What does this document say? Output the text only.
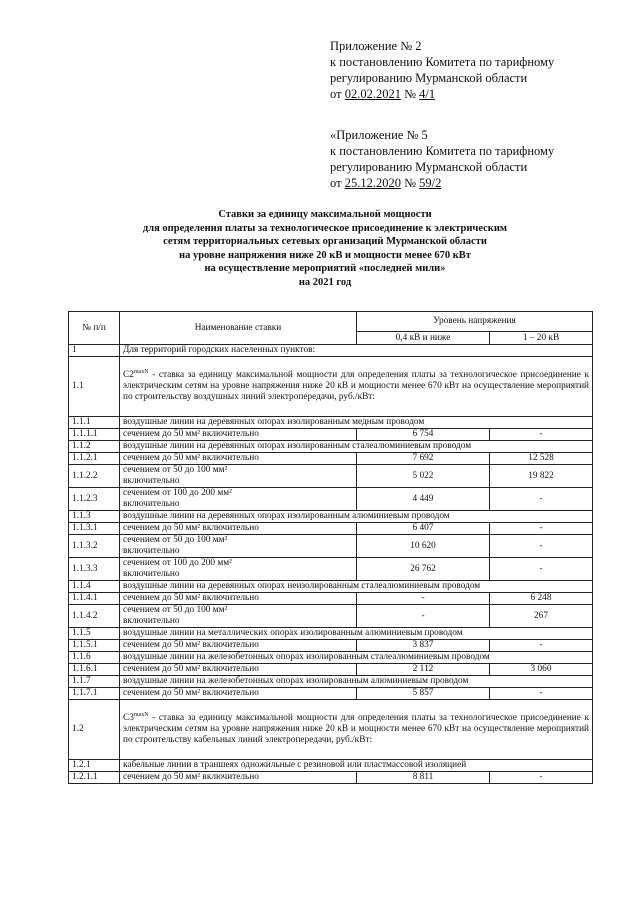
Приложение № 2
к постановлению Комитета по тарифному
регулированию Мурманской области
от 02.02.2021 № 4/1
«Приложение № 5
к постановлению Комитета по тарифному
регулированию Мурманской области
от 25.12.2020 № 59/2
Ставки за единицу максимальной мощности
для определения платы за технологическое присоединение к электрическим
сетям территориальных сетевых организаций Мурманской области
на уровне напряжения ниже 20 кВ и мощности менее 670 кВт
на осуществление мероприятий «последней мили»
на 2021 год
№ п/п	Наименование ставки	Уровень напряжения	
		0,4 кВ и ниже	1 – 20 кВ
1	Для территорий городских населенных пунктов:		
1.1	$С2^{maxN}$ - ставка за единицу максимальной мощности для определения платы за технологическое присоединение к электрическим сетям на уровне напряжения ниже 20 кВ и мощности менее 670 кВт на осуществление мероприятий по строительству воздушных линий электропередачи, руб./кВт:		
1.1.1	воздушные линии на деревянных опорах изолированным медным проводом		
1.1.1.1	сечением до 50 мм² включительно	6 754	-
1.1.2	воздушные линии на деревянных опорах изолированным сталеалюминиевым проводом		
1.1.2.1	сечением до 50 мм² включительно	7 692	12 528
1.1.2.2	сечением от 50 до 100 мм²
включительно	5 022	19 822
1.1.2.3	сечением от 100 до 200 мм²
включительно	4 449	-
1.1.3	воздушные линии на деревянных опорах изолированным алюминиевым проводом		
1.1.3.1	сечением до 50 мм² включительно	6 407	-
1.1.3.2	сечением от 50 до 100 мм²
включительно	10 620	-
1.1.3.3	сечением от 100 до 200 мм²
включительно	26 762	-
1.1.4	воздушные линии на деревянных опорах неизолированным сталеалюминиевым проводом		
1.1.4.1	сечением до 50 мм² включительно	-	6 248
1.1.4.2	сечением от 50 до 100 мм²
включительно	-	267
1.1.5	воздушные линии на металлических опорах изолированным алюминиевым проводом		
1.1.5.1	сечением до 50 мм² включительно	3 837	-
1.1.6	воздушные линии на железобетонных опорах изолированным сталеалюминиевым проводом		
1.1.6.1	сечением до 50 мм² включительно	2 112	3 060
1.1.7	воздушные линии на железобетонных опорах изолированным алюминиевым проводом		
1.1.7.1	сечением до 50 мм² включительно	5 857	-
1.2	$С3^{maxN}$ - ставка за единицу максимальной мощности для определения платы за технологическое присоединение к электрическим сетям на уровне напряжения ниже 20 кВ и мощности менее 670 кВт на осуществление мероприятий по строительству кабельных линий электропередачи, руб./кВт:		
1.2.1	кабельные линии в траншеях одножильные с резиновой или пластмассовой изоляцией		
1.2.1.1	сечением до 50 мм² включительно	8 811	-
